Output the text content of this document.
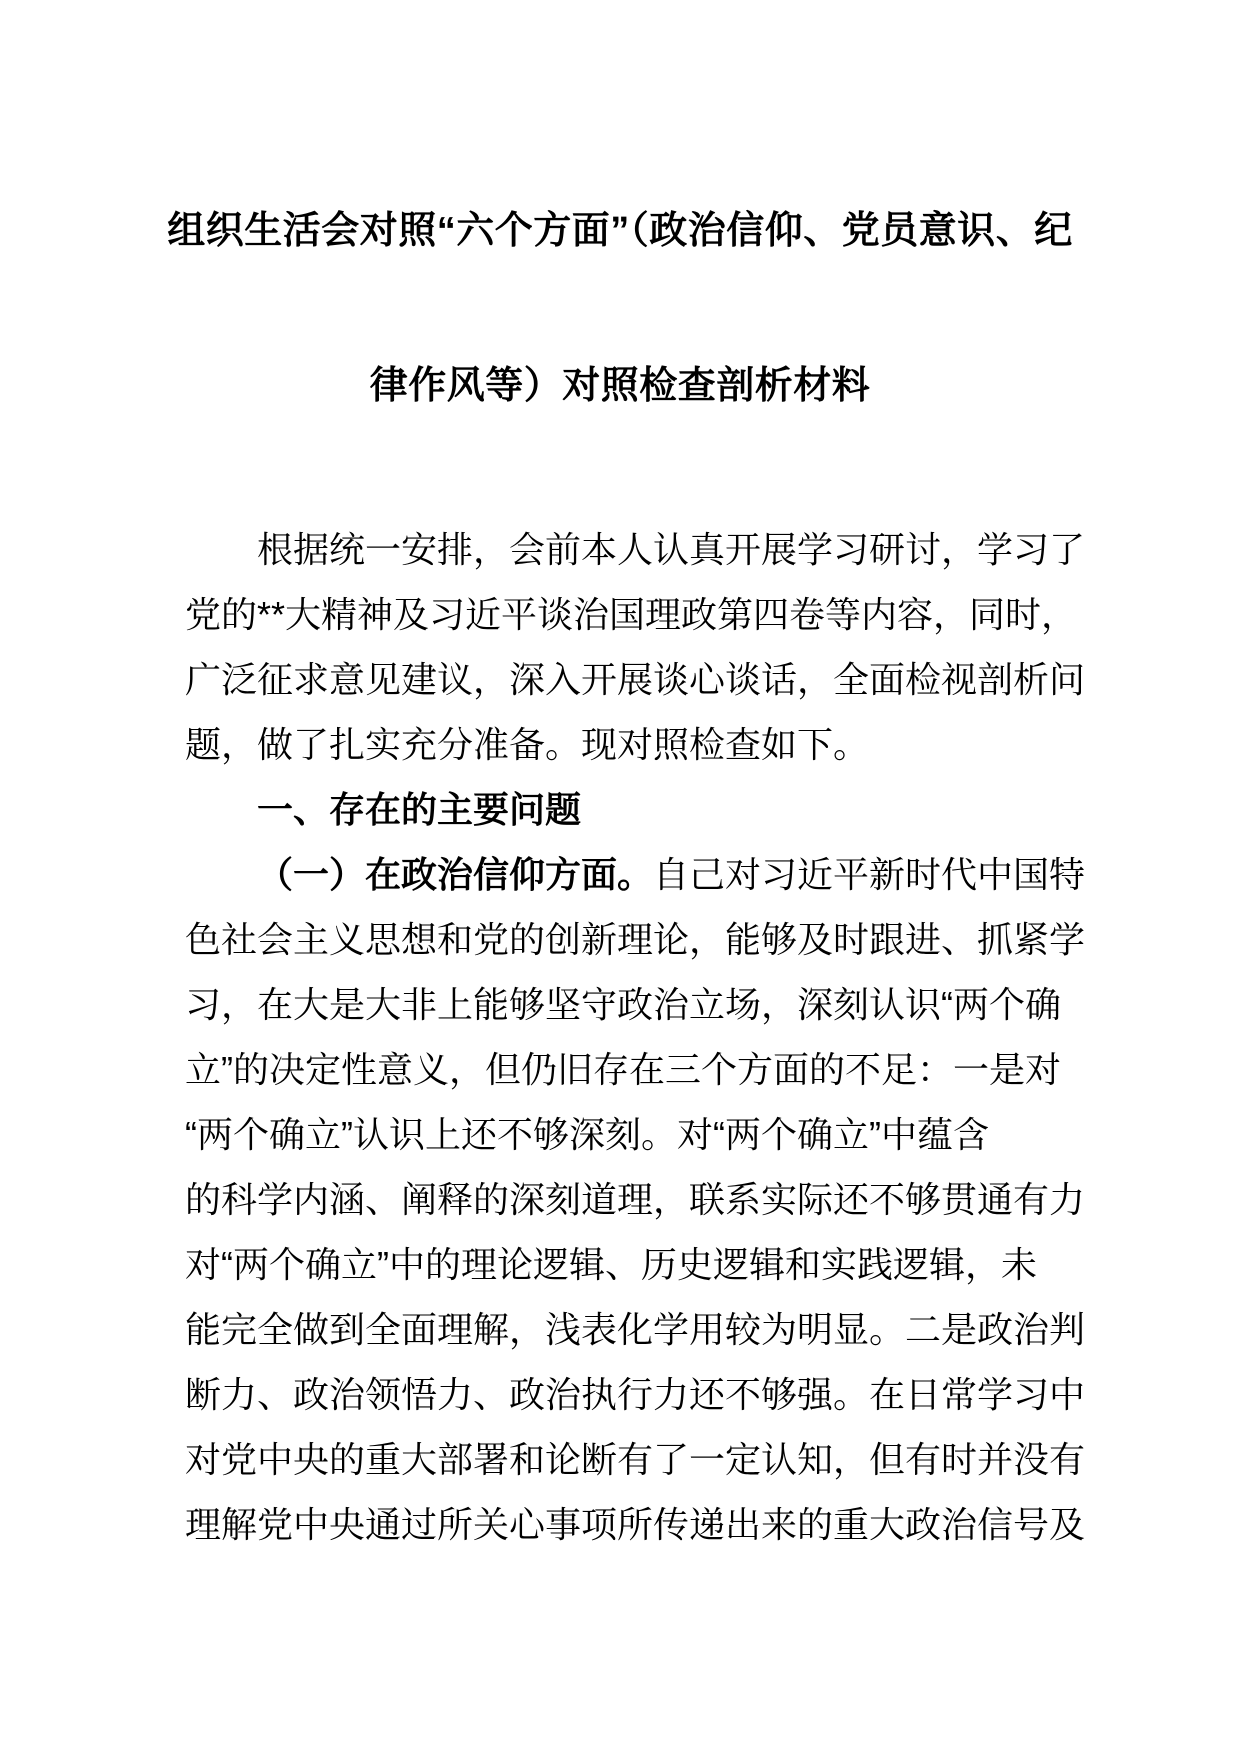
组织生活会对照“六个方面”（政治信仰、党员意识、纪
律作风等）对照检查剖析材料

根据统一安排，会前本人认真开展学习研讨，学习了

党的**大精神及习近平谈治国理政第四卷等内容，同时，

广泛征求意见建议，深入开展谈心谈话，全面检视剖析问

题，做了扎实充分准备。现对照检查如下。

一、存在的主要问题

（一）在政治信仰方面。自己对习近平新时代中国特

色社会主义思想和党的创新理论，能够及时跟进、抓紧学

习，在大是大非上能够坚守政治立场，深刻认识“两个确

立”的决定性意义，但仍旧存在三个方面的不足：一是对

“两个确立”认识上还不够深刻。对“两个确立”中蕴含

的科学内涵、阐释的深刻道理，联系实际还不够贯通有力

对“两个确立”中的理论逻辑、历史逻辑和实践逻辑，未

能完全做到全面理解，浅表化学用较为明显。二是政治判

断力、政治领悟力、政治执行力还不够强。在日常学习中

对党中央的重大部署和论断有了一定认知，但有时并没有

理解党中央通过所关心事项所传递出来的重大政治信号及
